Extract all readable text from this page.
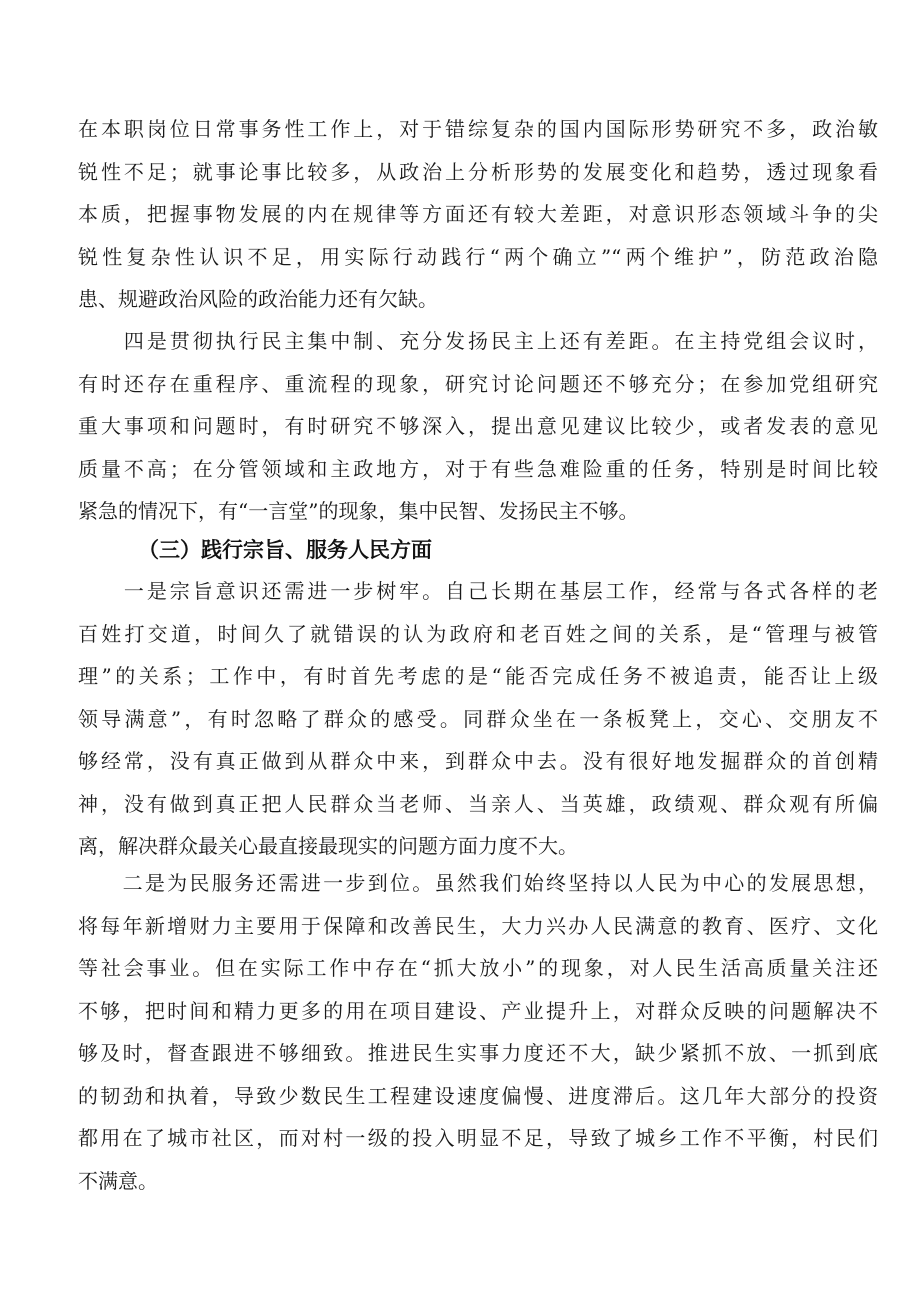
在本职岗位日常事务性工作上，对于错综复杂的国内国际形势研究不多，政治敏
锐性不足；就事论事比较多，从政治上分析形势的发展变化和趋势，透过现象看
本质，把握事物发展的内在规律等方面还有较大差距，对意识形态领域斗争的尖
锐性复杂性认识不足，用实际行动践行“两个确立”“两个维护”，防范政治隐
患、规避政治风险的政治能力还有欠缺。
　　四是贯彻执行民主集中制、充分发扬民主上还有差距。在主持党组会议时，
有时还存在重程序、重流程的现象，研究讨论问题还不够充分；在参加党组研究
重大事项和问题时，有时研究不够深入，提出意见建议比较少，或者发表的意见
质量不高；在分管领域和主政地方，对于有些急难险重的任务，特别是时间比较
紧急的情况下，有“一言堂”的现象，集中民智、发扬民主不够。
（三）践行宗旨、服务人民方面
　　一是宗旨意识还需进一步树牢。自己长期在基层工作，经常与各式各样的老
百姓打交道，时间久了就错误的认为政府和老百姓之间的关系，是“管理与被管
理”的关系；工作中，有时首先考虑的是“能否完成任务不被追责，能否让上级
领导满意”，有时忽略了群众的感受。同群众坐在一条板凳上，交心、交朋友不
够经常，没有真正做到从群众中来，到群众中去。没有很好地发掘群众的首创精
神，没有做到真正把人民群众当老师、当亲人、当英雄，政绩观、群众观有所偏
离，解决群众最关心最直接最现实的问题方面力度不大。
　　二是为民服务还需进一步到位。虽然我们始终坚持以人民为中心的发展思想，
将每年新增财力主要用于保障和改善民生，大力兴办人民满意的教育、医疗、文化
等社会事业。但在实际工作中存在“抓大放小”的现象，对人民生活高质量关注还
不够，把时间和精力更多的用在项目建设、产业提升上，对群众反映的问题解决不
够及时，督查跟进不够细致。推进民生实事力度还不大，缺少紧抓不放、一抓到底
的韧劲和执着，导致少数民生工程建设速度偏慢、进度滞后。这几年大部分的投资
都用在了城市社区，而对村一级的投入明显不足，导致了城乡工作不平衡，村民们
不满意。
